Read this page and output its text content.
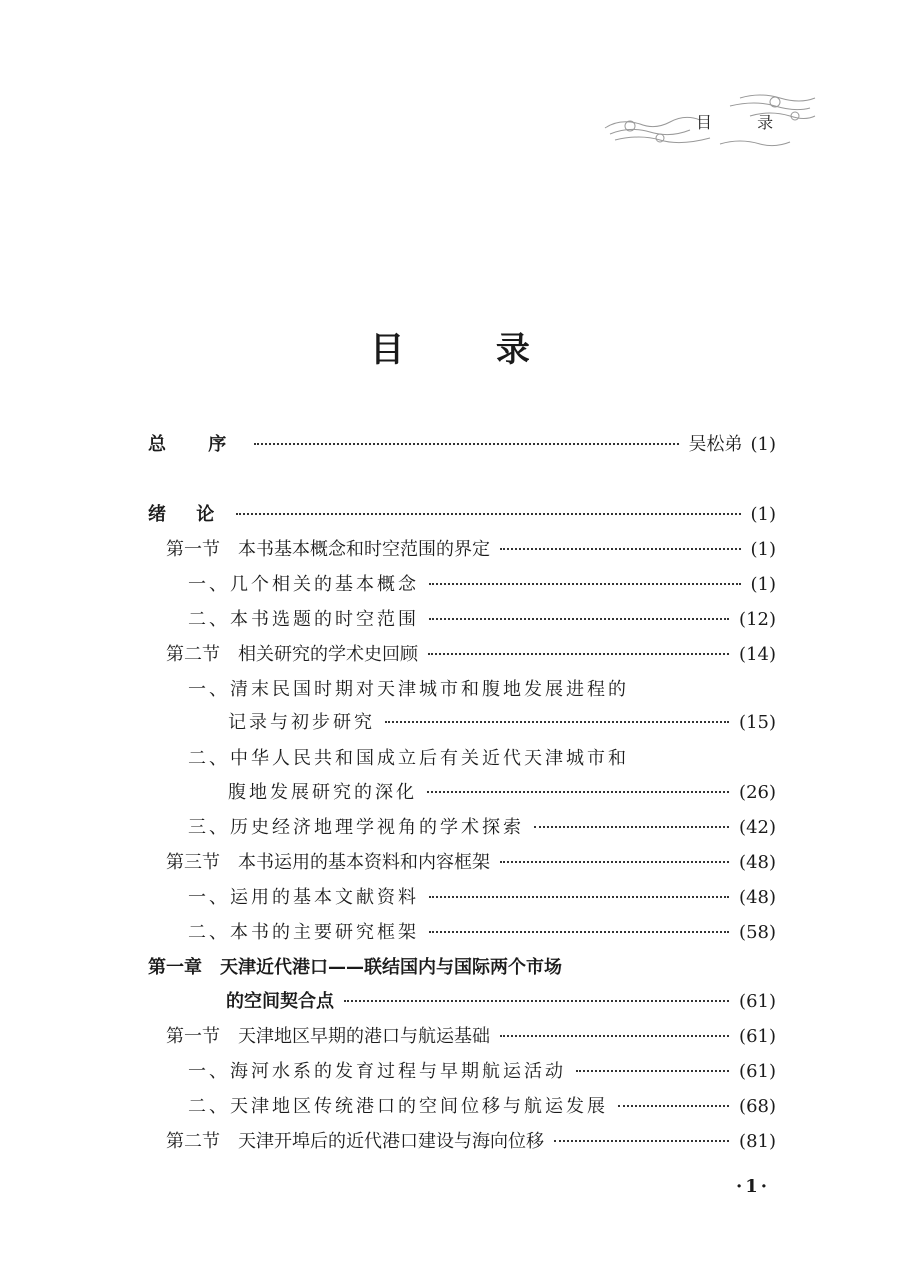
目 录
目 录
总 序	吴松弟 (1)
绪 论	(1)
第一节　本书基本概念和时空范围的界定	(1)
一、几个相关的基本概念	(1)
二、本书选题的时空范围	(12)
第二节　相关研究的学术史回顾	(14)
一、清末民国时期对天津城市和腹地发展进程的
记录与初步研究	(15)
二、中华人民共和国成立后有关近代天津城市和
腹地发展研究的深化	(26)
三、历史经济地理学视角的学术探索	(42)
第三节　本书运用的基本资料和内容框架	(48)
一、运用的基本文献资料	(48)
二、本书的主要研究框架	(58)
第一章　天津近代港口——联结国内与国际两个市场
的空间契合点	(61)
第一节　天津地区早期的港口与航运基础	(61)
一、海河水系的发育过程与早期航运活动	(61)
二、天津地区传统港口的空间位移与航运发展	(68)
第二节　天津开埠后的近代港口建设与海向位移	(81)
·1·
